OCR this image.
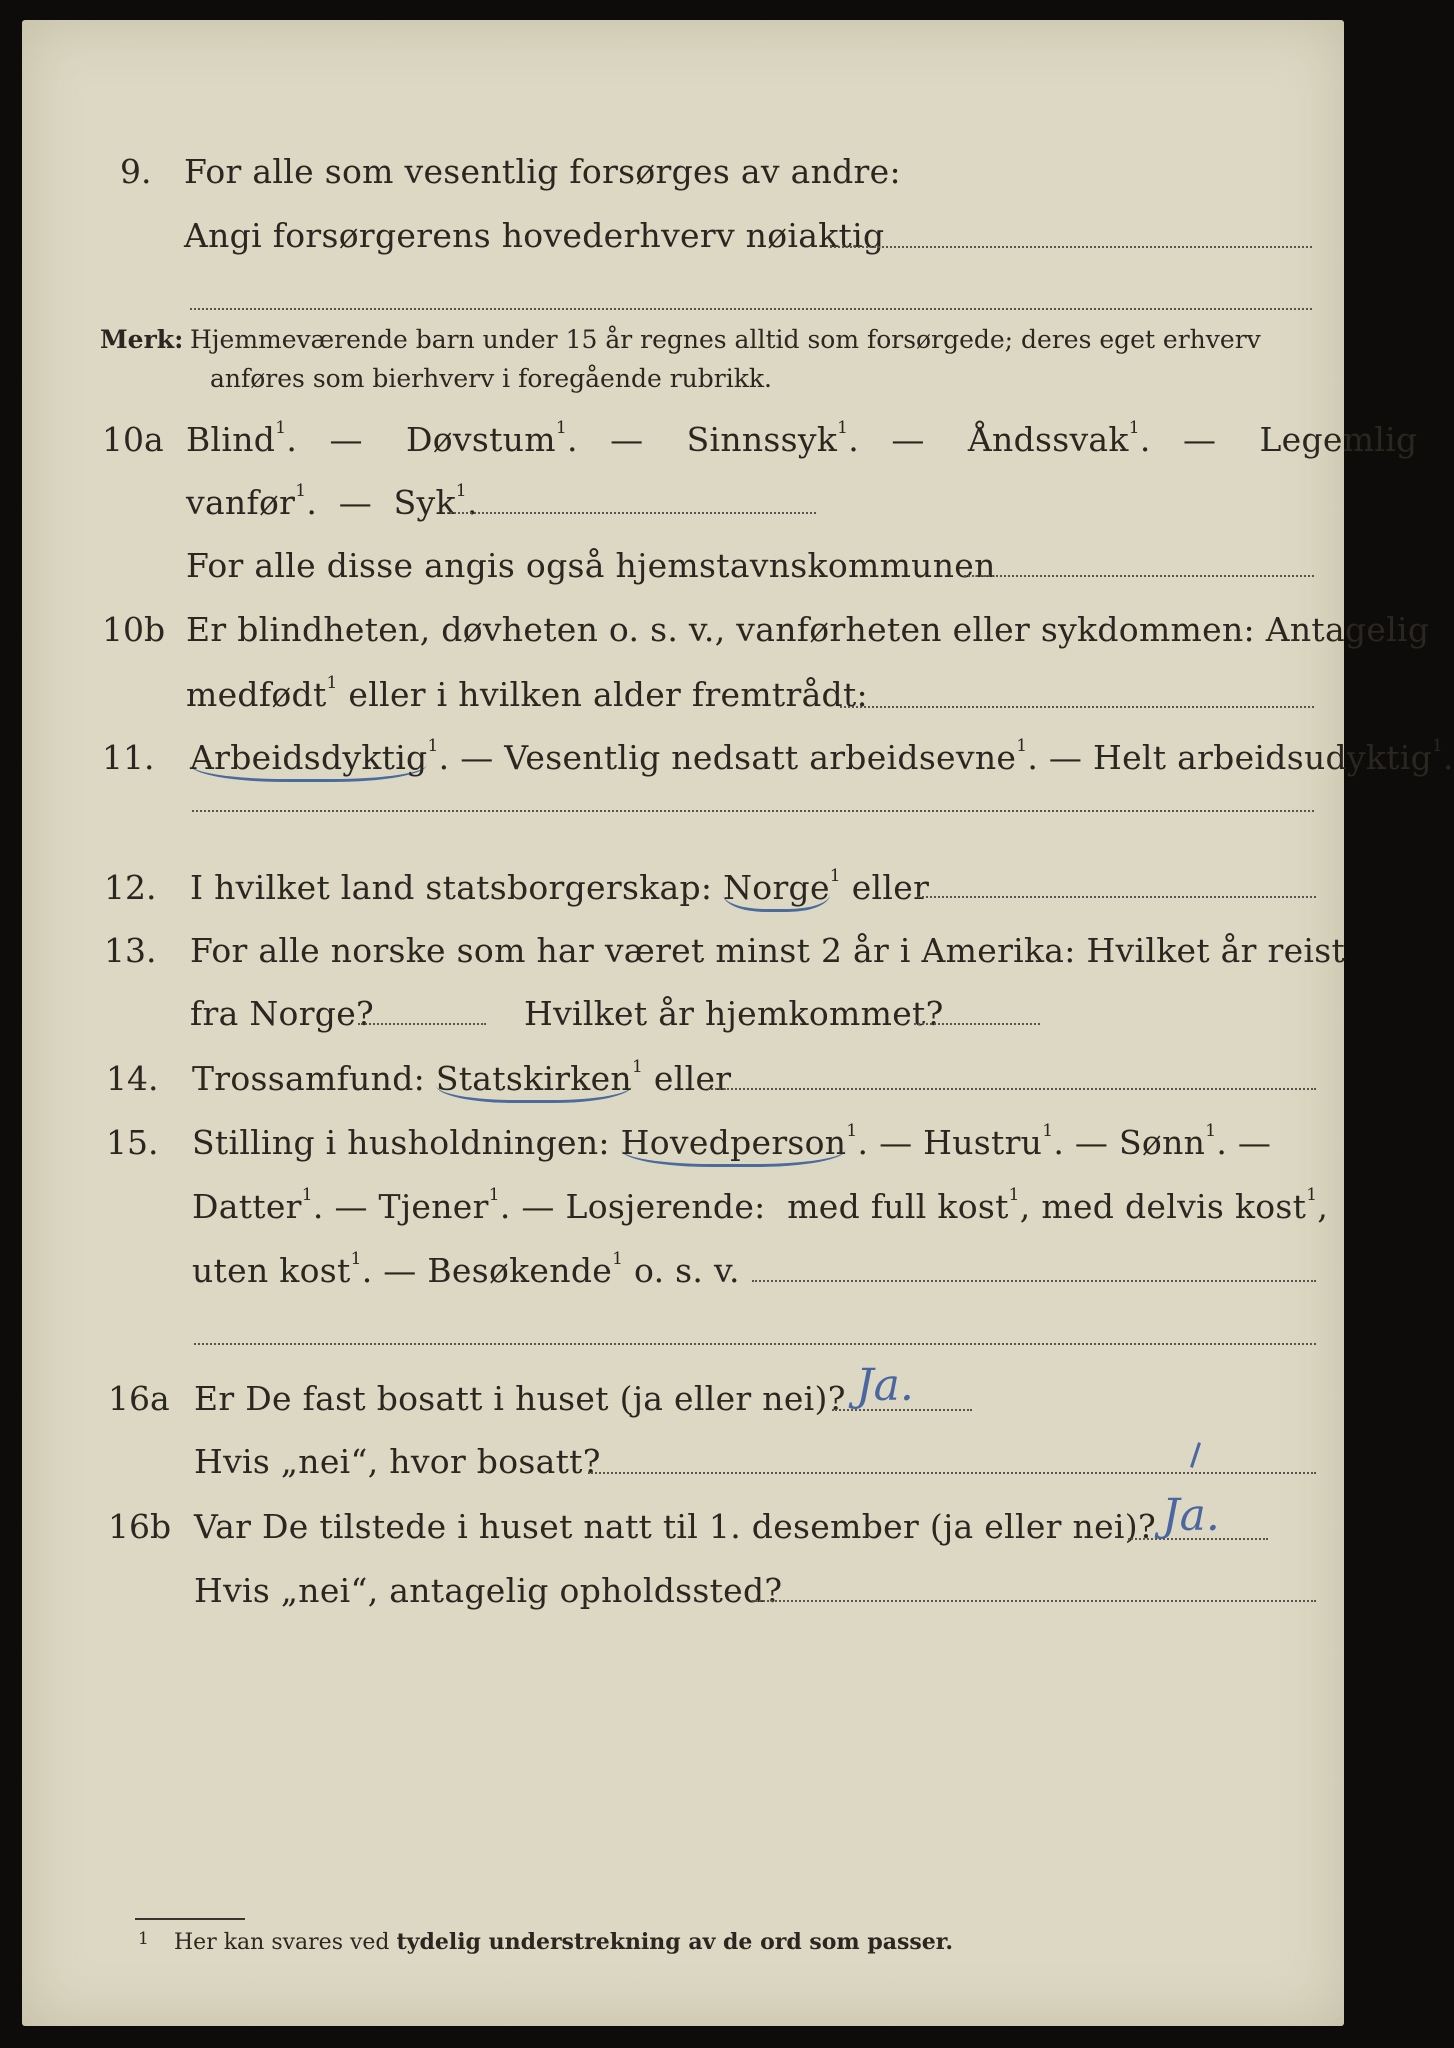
9. For alle som vesentlig forsørges av andre:
Angi forsørgerens hovederhverv nøiaktig
Merk: Hjemmeværende barn under 15 år regnes alltid som forsørgede; deres eget erhverv
anføres som bierhverv i foregående rubrikk.
10a Blind$^1$.   —    Døvstum$^1$.   —    Sinnssyk$^1$.   —    Åndssvak$^1$.   —    Legemlig
vanfør$^1$.  —  Syk$^1$.
For alle disse angis også hjemstavnskommunen
10b Er blindheten, døvheten o. s. v., vanførheten eller sykdommen: Antagelig
medfødt$^1$ eller i hvilken alder fremtrådt:
11. Arbeidsdyktig$^1$. — Vesentlig nedsatt arbeidsevne$^1$. — Helt arbeidsudyktig$^1$.
12. I hvilket land statsborgerskap: Norge$^1$ eller
13. For alle norske som har været minst 2 år i Amerika: Hvilket år reist
fra Norge?	Hvilket år hjemkommet?
14. Trossamfund: Statskirken$^1$ eller
15. Stilling i husholdningen: Hovedperson$^1$. — Hustru$^1$. — Sønn$^1$. —
Datter$^1$. — Tjener$^1$. — Losjerende: med full kost$^1$, med delvis kost$^1$,
uten kost$^1$. — Besøkende$^1$ o. s. v.
16a Er De fast bosatt i huset (ja eller nei)? Ja.
Hvis „nei“, hvor bosatt?
16b Var De tilstede i huset natt til 1. desember (ja eller nei)? Ja.
Hvis „nei“, antagelig opholdssted?
1 Her kan svares ved tydelig understrekning av de ord som passer.
